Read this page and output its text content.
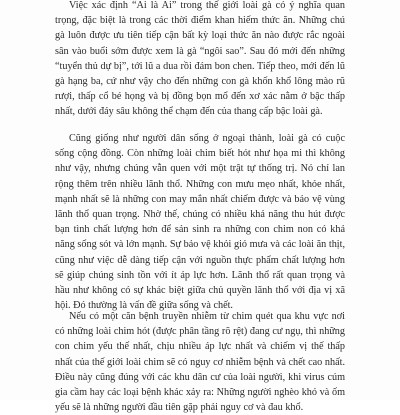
Việc xác định “Ai là Ai” trong thế giới loài gà có ý nghĩa quan trọng, đặc biệt là trong các thời điểm khan hiếm thức ăn. Những chú gà luôn được ưu tiên tiếp cận bất kỳ loại thức ăn nào được rắc ngoài sân vào buổi sớm được xem là gà “ngôi sao”. Sau đó mới đến những “tuyển thủ dự bị”, tới lũ a dua rồi đám bon chen. Tiếp theo, mới đến lũ gà hạng ba, cứ như vậy cho đến những con gà khốn khổ lông mào rũ rượi, thấp cổ bé họng và bị đồng bọn mổ đến xơ xác nằm ở bậc thấp nhất, dưới đáy sâu không thể chạm đến của thang cấp bậc loài gà.

Cũng giống như người dân sống ở ngoại thành, loài gà có cuộc sống cộng đồng. Còn những loài chim biết hót như họa mi thì không như vậy, nhưng chúng vẫn quen với một trật tự thống trị. Nó chỉ lan rộng thêm trên nhiều lãnh thổ. Những con mưu mẹo nhất, khỏe nhất, mạnh nhất sẽ là những con may mắn nhất chiếm được và bảo vệ vùng lãnh thổ quan trọng. Nhờ thế, chúng có nhiều khả năng thu hút được bạn tình chất lượng hơn để sản sinh ra những con chim non có khả năng sống sót và lớn mạnh. Sự bảo vệ khỏi gió mưa và các loài ăn thịt, cũng như việc dễ dàng tiếp cận với nguồn thực phẩm chất lượng hơn sẽ giúp chúng sinh tồn với ít áp lực hơn. Lãnh thổ rất quan trọng và hầu như không có sự khác biệt giữa chủ quyền lãnh thổ với địa vị xã hội. Đó thường là vấn đề giữa sống và chết.

Nếu có một căn bệnh truyền nhiễm từ chim quét qua khu vực nơi có những loài chim hót (được phân tầng rõ rệt) đang cư ngụ, thì những con chim yếu thế nhất, chịu nhiều áp lực nhất và chiếm vị thế thấp nhất của thế giới loài chim sẽ có nguy cơ nhiễm bệnh và chết cao nhất. Điều này cũng đúng với các khu dân cư của loài người, khi virus cúm gia cầm hay các loại bệnh khác xảy ra: Những người nghèo khó và ốm yếu sẽ là những người đầu tiên gặp phải nguy cơ và đau khổ.
